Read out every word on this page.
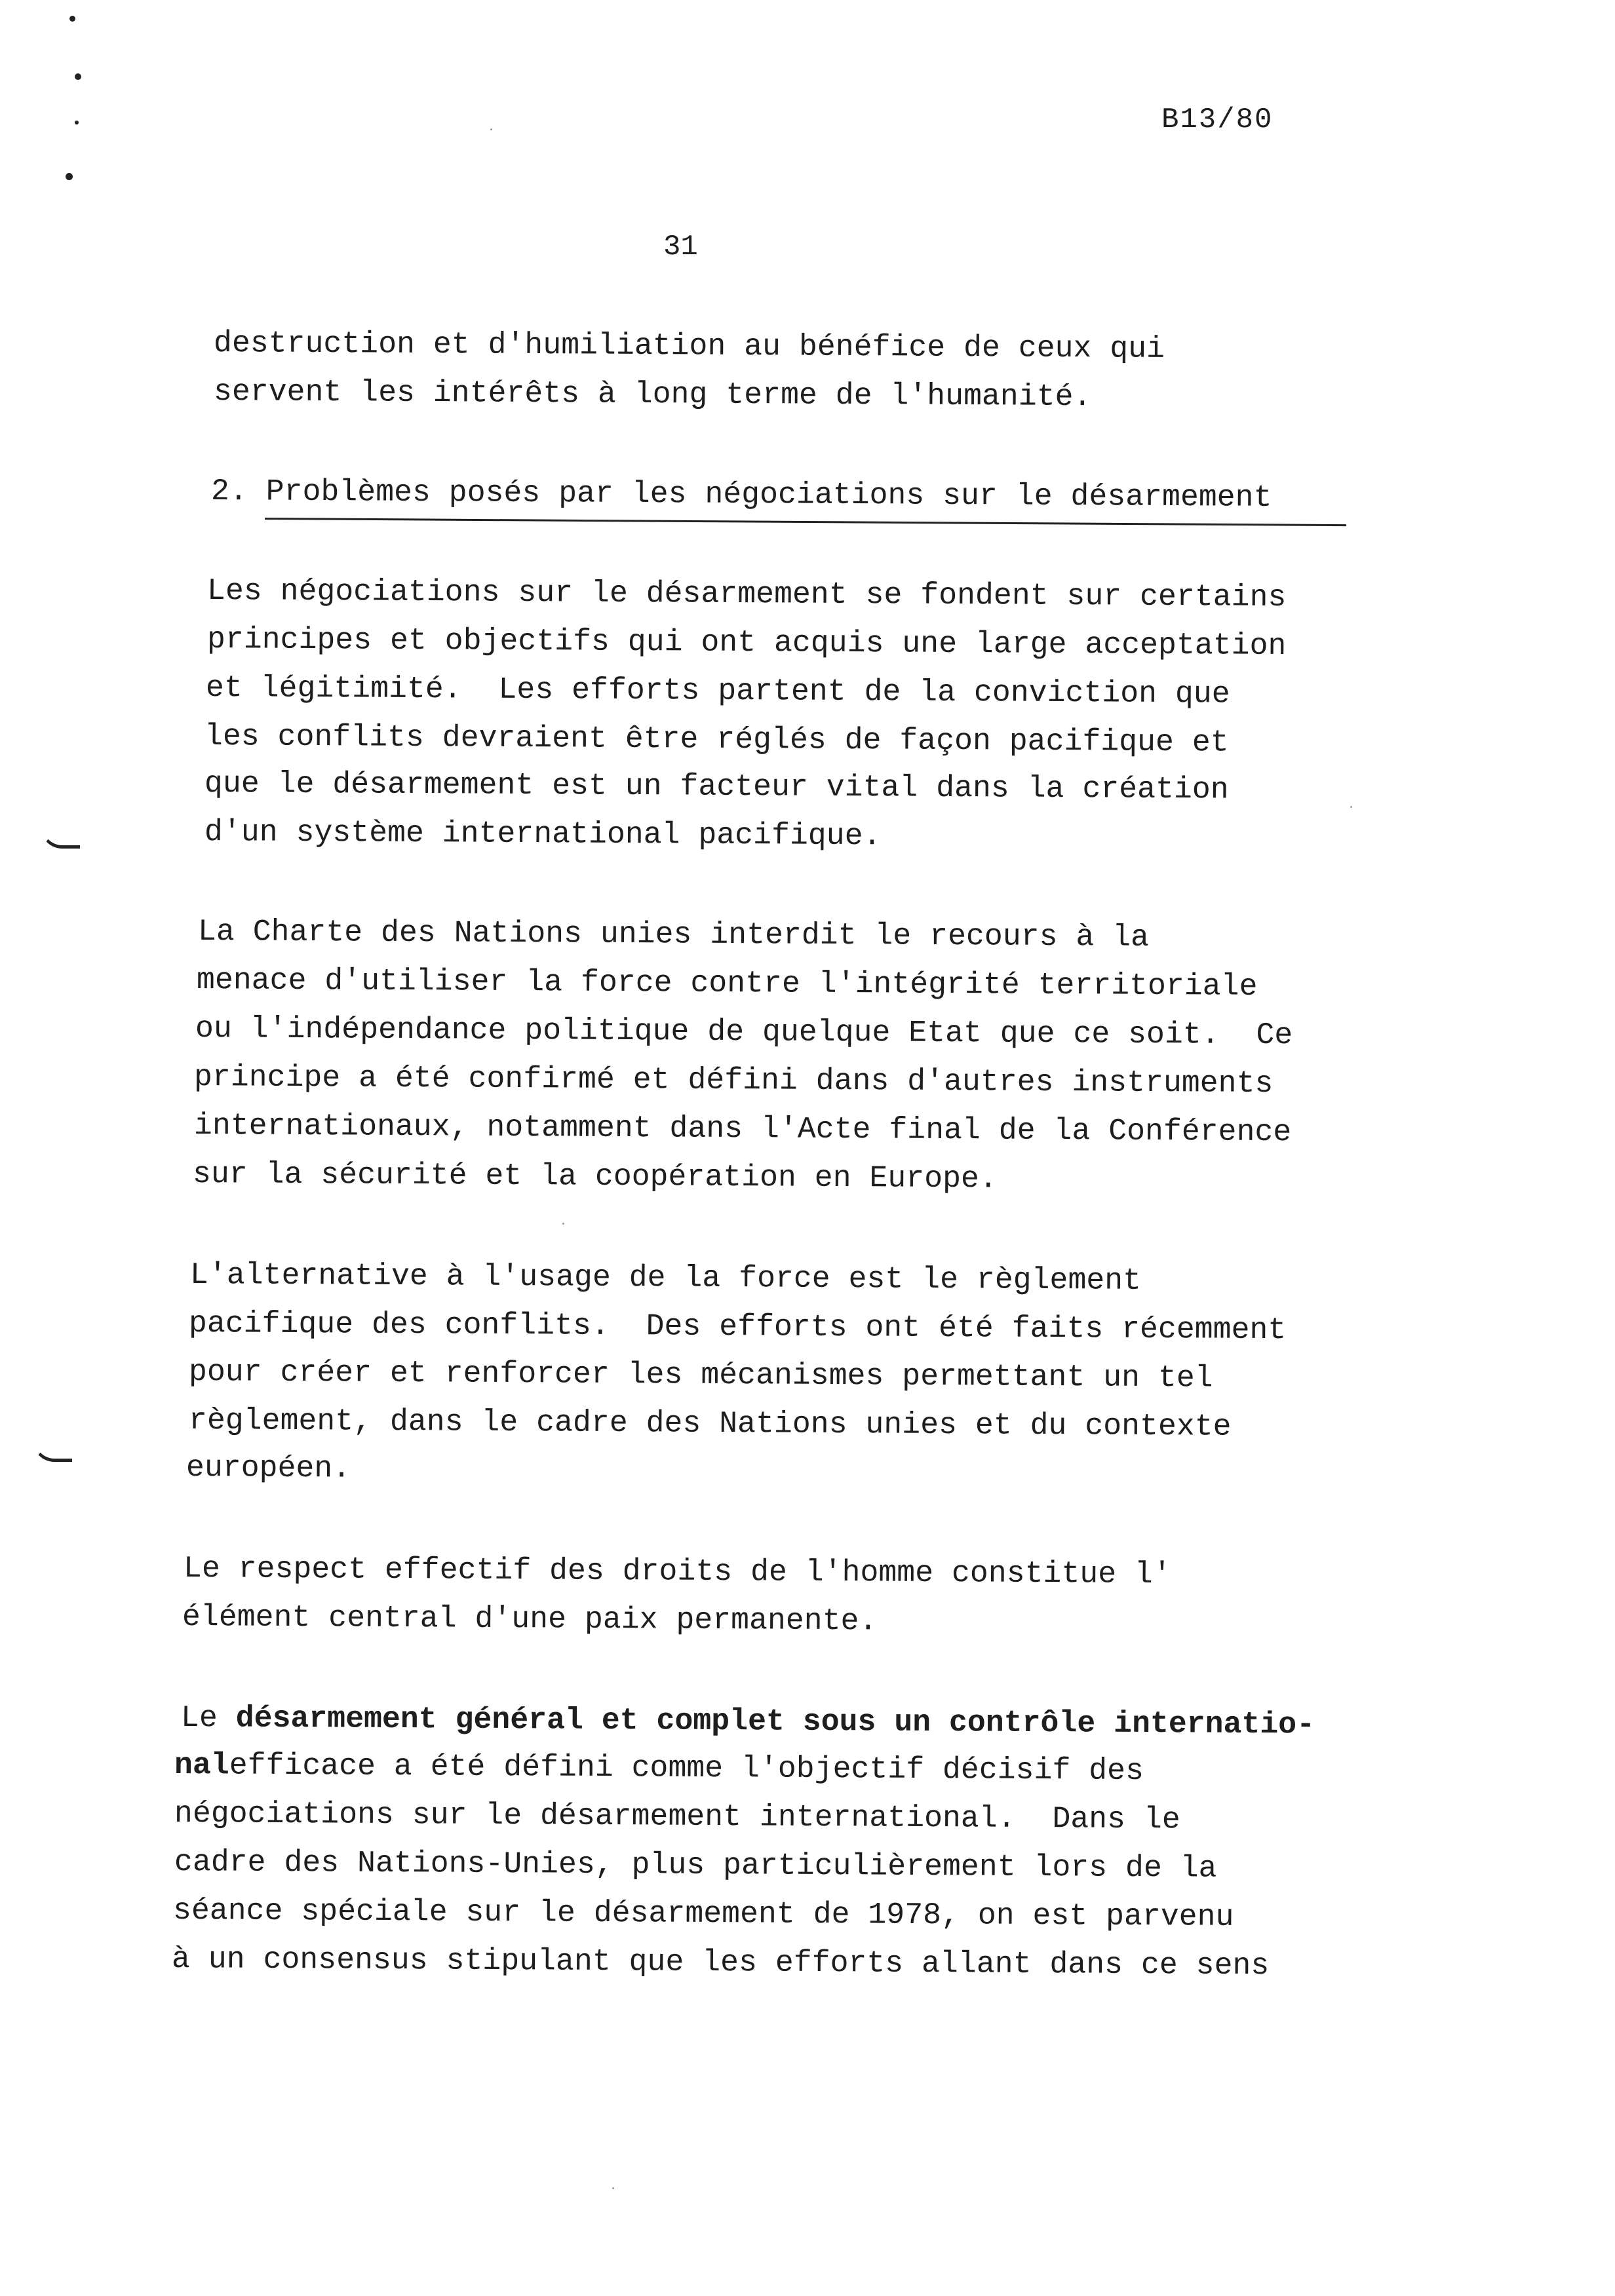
B13/80
31
destruction et d'humiliation au bénéfice de ceux qui
servent les intérêts à long terme de l'humanité.
2. Problèmes posés par les négociations sur le désarmement
Les négociations sur le désarmement se fondent sur certains
principes et objectifs qui ont acquis une large acceptation
et légitimité.  Les efforts partent de la conviction que
les conflits devraient être réglés de façon pacifique et
que le désarmement est un facteur vital dans la création
d'un système international pacifique.
La Charte des Nations unies interdit le recours à la
menace d'utiliser la force contre l'intégrité territoriale
ou l'indépendance politique de quelque Etat que ce soit.  Ce
principe a été confirmé et défini dans d'autres instruments
internationaux, notamment dans l'Acte final de la Conférence
sur la sécurité et la coopération en Europe.
L'alternative à l'usage de la force est le règlement
pacifique des conflits.  Des efforts ont été faits récemment
pour créer et renforcer les mécanismes permettant un tel
règlement, dans le cadre des Nations unies et du contexte
européen.
Le respect effectif des droits de l'homme constitue l'
élément central d'une paix permanente.
Le désarmement général et complet sous un contrôle internatio-
nalefficace a été défini comme l'objectif décisif des
négociations sur le désarmement international.  Dans le
cadre des Nations-Unies, plus particulièrement lors de la
séance spéciale sur le désarmement de 1978, on est parvenu
à un consensus stipulant que les efforts allant dans ce sens
